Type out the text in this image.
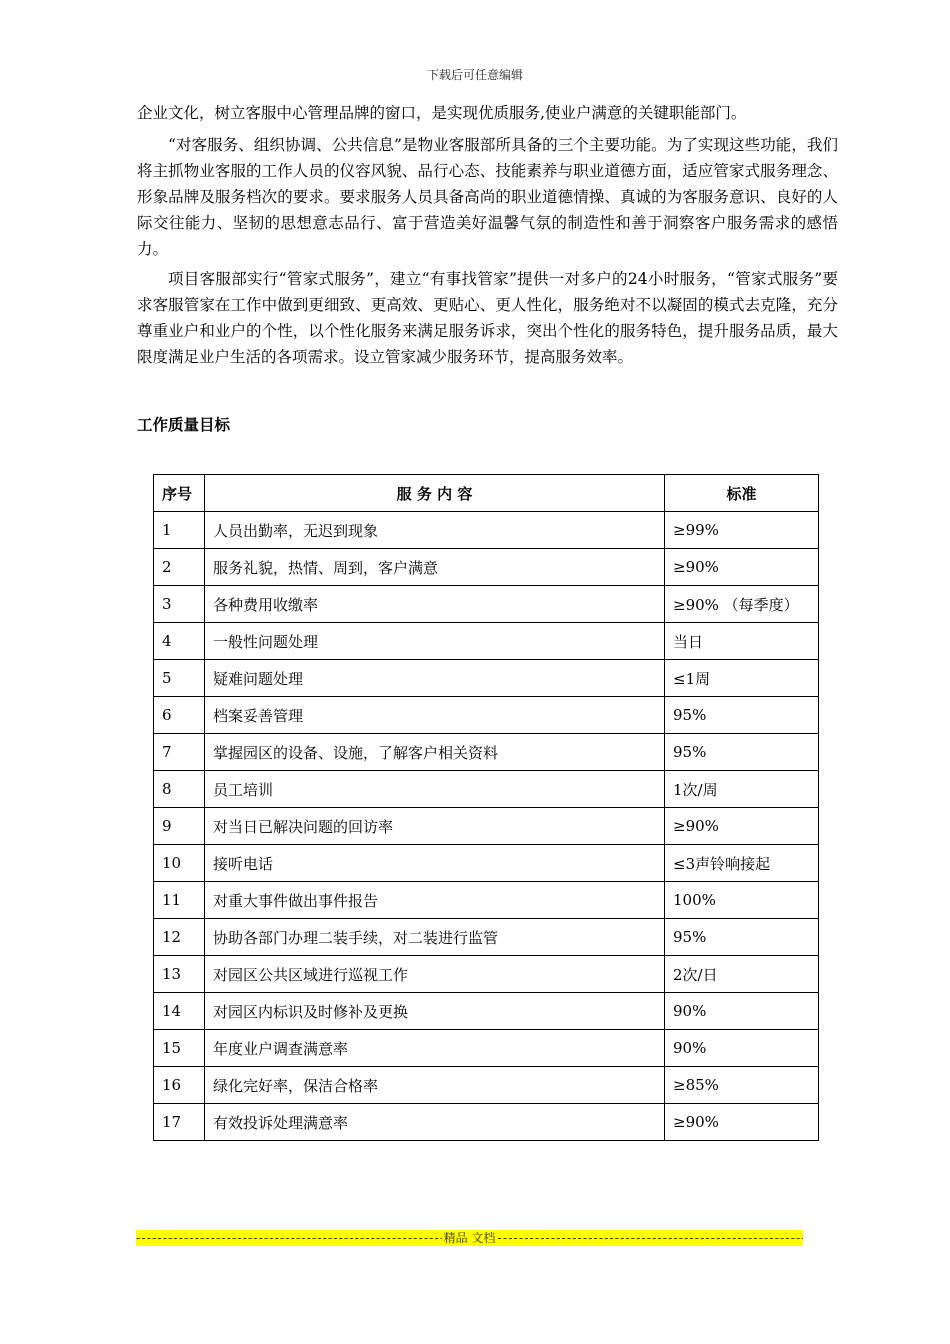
下载后可任意编辑

企业文化，树立客服中心管理品牌的窗口，是实现优质服务,使业户满意的关键职能部门。

“对客服务、组织协调、公共信息”是物业客服部所具备的三个主要功能。为了实现这些功能，我们将主抓物业客服的工作人员的仪容风貌、品行心态、技能素养与职业道德方面，适应管家式服务理念、形象品牌及服务档次的要求。要求服务人员具备高尚的职业道德情操、真诚的为客服务意识、良好的人际交往能力、坚韧的思想意志品行、富于营造美好温馨气氛的制造性和善于洞察客户服务需求的感悟力。

项目客服部实行“管家式服务”，建立“有事找管家”提供一对多户的24小时服务，“管家式服务”要求客服管家在工作中做到更细致、更高效、更贴心、更人性化，服务绝对不以凝固的模式去克隆，充分尊重业户和业户的个性，以个性化服务来满足服务诉求，突出个性化的服务特色，提升服务品质，最大限度满足业户生活的各项需求。设立管家减少服务环节，提高服务效率。

工作质量目标
序号	服 务 内 容	标准
1	人员出勤率，无迟到现象	≥99%
2	服务礼貌，热情、周到，客户满意	≥90%
3	各种费用收缴率	≥90% （每季度）
4	一般性问题处理	当日
5	疑难问题处理	≤1周
6	档案妥善管理	95%
7	掌握园区的设备、设施，了解客户相关资料	95%
8	员工培训	1次/周
9	对当日已解决问题的回访率	≥90%
10	接听电话	≤3声铃响接起
11	对重大事件做出事件报告	100%
12	协助各部门办理二装手续，对二装进行监管	95%
13	对园区公共区域进行巡视工作	2次/日
14	对园区内标识及时修补及更换	90%
15	年度业户调查满意率	90%
16	绿化完好率，保洁合格率	≥85%
17	有效投诉处理满意率	≥90%
-----
精品 文档
-----
